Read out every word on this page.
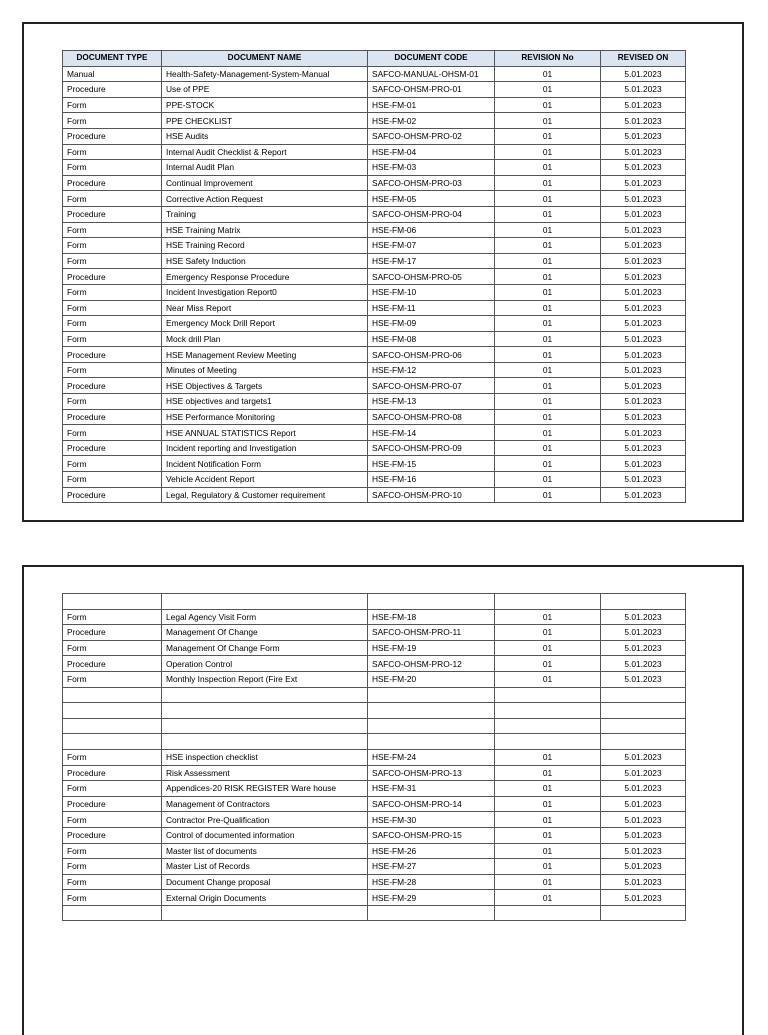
DOCUMENT TYPE	DOCUMENT NAME	DOCUMENT CODE	REVISION No	REVISED ON
Manual	Health-Safety-Management-System-Manual	SAFCO-MANUAL-OHSM-01	01	5.01.2023
Procedure	Use of PPE	SAFCO-OHSM-PRO-01	01	5.01.2023
Form	PPE-STOCK	HSE-FM-01	01	5.01.2023
Form	PPE CHECKLIST	HSE-FM-02	01	5.01.2023
Procedure	HSE Audits	SAFCO-OHSM-PRO-02	01	5.01.2023
Form	Internal Audit Checklist & Report	HSE-FM-04	01	5.01.2023
Form	Internal Audit Plan	HSE-FM-03	01	5.01.2023
Procedure	Continual Improvement	SAFCO-OHSM-PRO-03	01	5.01.2023
Form	Corrective Action Request	HSE-FM-05	01	5.01.2023
Procedure	Training	SAFCO-OHSM-PRO-04	01	5.01.2023
Form	HSE Training Matrix	HSE-FM-06	01	5.01.2023
Form	HSE Training Record	HSE-FM-07	01	5.01.2023
Form	HSE Safety Induction	HSE-FM-17	01	5.01.2023
Procedure	Emergency Response Procedure	SAFCO-OHSM-PRO-05	01	5.01.2023
Form	Incident Investigation Report0	HSE-FM-10	01	5.01.2023
Form	Near Miss Report	HSE-FM-11	01	5.01.2023
Form	Emergency Mock Drill Report	HSE-FM-09	01	5.01.2023
Form	Mock drill Plan	HSE-FM-08	01	5.01.2023
Procedure	HSE Management Review Meeting	SAFCO-OHSM-PRO-06	01	5.01.2023
Form	Minutes of Meeting	HSE-FM-12	01	5.01.2023
Procedure	HSE Objectives & Targets	SAFCO-OHSM-PRO-07	01	5.01.2023
Form	HSE objectives and targets1	HSE-FM-13	01	5.01.2023
Procedure	HSE Performance Monitoring	SAFCO-OHSM-PRO-08	01	5.01.2023
Form	HSE ANNUAL STATISTICS Report	HSE-FM-14	01	5.01.2023
Procedure	Incident reporting and Investigation	SAFCO-OHSM-PRO-09	01	5.01.2023
Form	Incident Notification Form	HSE-FM-15	01	5.01.2023
Form	Vehicle Accident Report	HSE-FM-16	01	5.01.2023
Procedure	Legal, Regulatory & Customer requirement	SAFCO-OHSM-PRO-10	01	5.01.2023

Form	Legal Agency Visit Form	HSE-FM-18	01	5.01.2023
Procedure	Management Of Change	SAFCO-OHSM-PRO-11	01	5.01.2023
Form	Management Of Change Form	HSE-FM-19	01	5.01.2023
Procedure	Operation Control	SAFCO-OHSM-PRO-12	01	5.01.2023
Form	Monthly Inspection Report (Fire Ext	HSE-FM-20	01	5.01.2023

Form	HSE inspection checklist	HSE-FM-24	01	5.01.2023
Procedure	Risk Assessment	SAFCO-OHSM-PRO-13	01	5.01.2023
Form	Appendices-20 RISK REGISTER Ware house	HSE-FM-31	01	5.01.2023
Procedure	Management of Contractors	SAFCO-OHSM-PRO-14	01	5.01.2023
Form	Contractor Pre-Qualification	HSE-FM-30	01	5.01.2023
Procedure	Control of documented information	SAFCO-OHSM-PRO-15	01	5.01.2023
Form	Master list of documents	HSE-FM-26	01	5.01.2023
Form	Master List of Records	HSE-FM-27	01	5.01.2023
Form	Document Change proposal	HSE-FM-28	01	5.01.2023
Form	External Origin Documents	HSE-FM-29	01	5.01.2023
